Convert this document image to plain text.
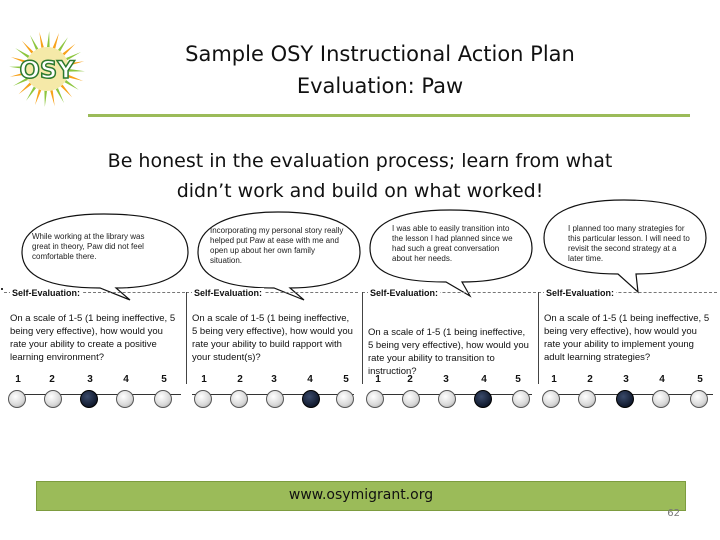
OSY
Sample OSY Instructional Action Plan
Evaluation: Paw
Be honest in the evaluation process; learn from what
didn’t work and build on what worked!
While working at the library was great in theory, Paw did not feel comfortable there.
Incorporating my personal story really helped put Paw at ease with me and open up about her own family situation.
I was able to easily transition into the lesson I had planned since we had such a great conversation about her needs.
I planned too many strategies for this particular lesson. I will need to revisit the second strategy at a later time.
Self-Evaluation:
On a scale of 1-5 (1 being ineffective, 5 being very effective), how would you rate your ability to create a positive learning environment?
1	2	3	4	5
Self-Evaluation:
On a scale of 1-5 (1 being ineffective, 5 being very effective), how would you rate your ability to build rapport with your student(s)?
1	2	3	4	5
Self-Evaluation:
On a scale of 1-5 (1 being ineffective, 5 being very effective), how would you rate your ability to transition to instruction?
1	2	3	4	5
Self-Evaluation:
On a scale of 1-5 (1 being ineffective, 5 being very effective), how would you rate your ability to implement young adult learning strategies?
1	2	3	4	5
www.osymigrant.org
62
